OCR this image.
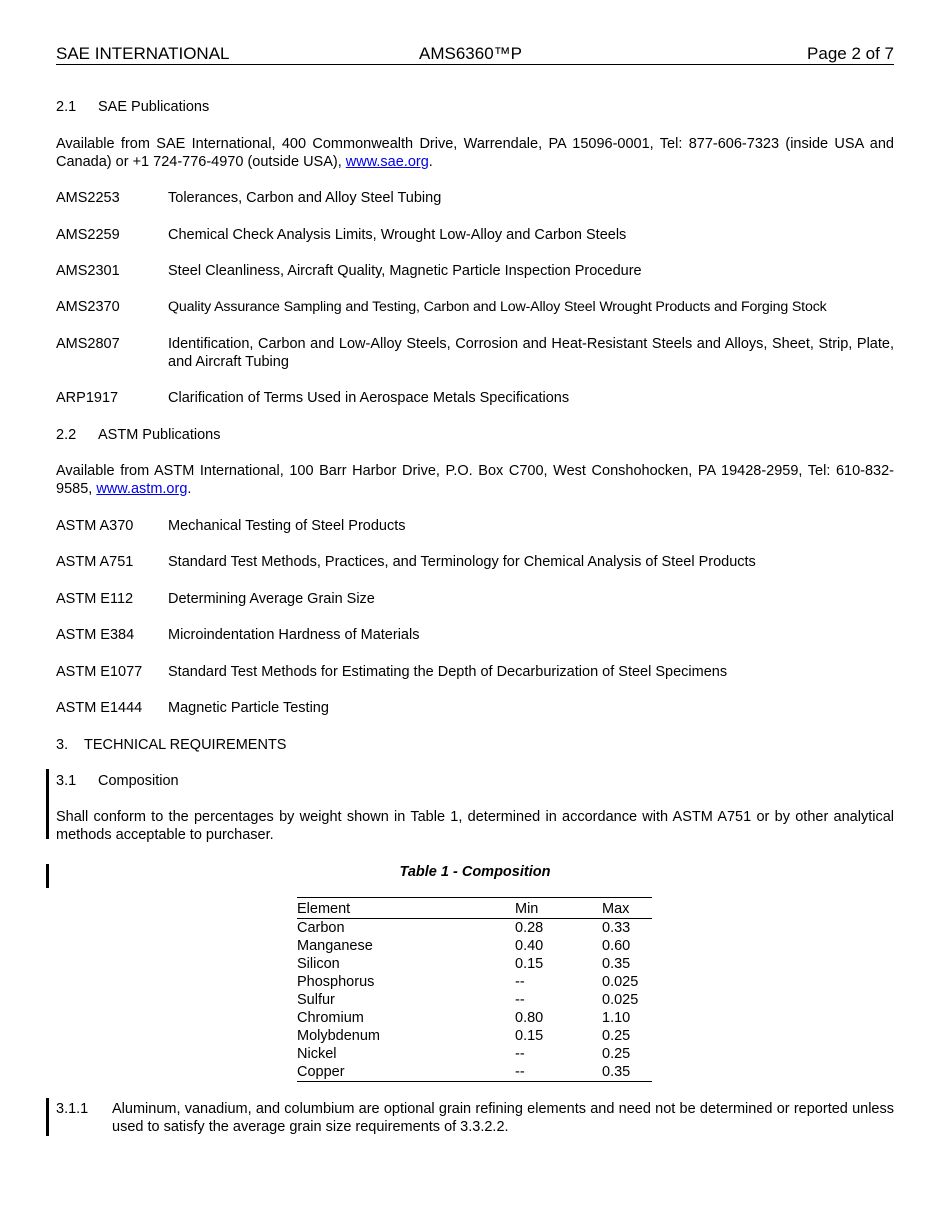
SAE INTERNATIONAL	AMS6360™P	Page 2 of 7
2.1 SAE Publications
Available from SAE International, 400 Commonwealth Drive, Warrendale, PA 15096-0001, Tel: 877-606-7323 (inside USA and Canada) or +1 724-776-4970 (outside USA), www.sae.org.
AMS2253	Tolerances, Carbon and Alloy Steel Tubing
AMS2259	Chemical Check Analysis Limits, Wrought Low-Alloy and Carbon Steels
AMS2301	Steel Cleanliness, Aircraft Quality, Magnetic Particle Inspection Procedure
AMS2370	Quality Assurance Sampling and Testing, Carbon and Low-Alloy Steel Wrought Products and Forging Stock
AMS2807	Identification, Carbon and Low-Alloy Steels, Corrosion and Heat-Resistant Steels and Alloys, Sheet, Strip, Plate, and Aircraft Tubing
ARP1917	Clarification of Terms Used in Aerospace Metals Specifications
2.2 ASTM Publications
Available from ASTM International, 100 Barr Harbor Drive, P.O. Box C700, West Conshohocken, PA 19428-2959, Tel: 610-832-9585, www.astm.org.
ASTM A370	Mechanical Testing of Steel Products
ASTM A751	Standard Test Methods, Practices, and Terminology for Chemical Analysis of Steel Products
ASTM E112	Determining Average Grain Size
ASTM E384	Microindentation Hardness of Materials
ASTM E1077	Standard Test Methods for Estimating the Depth of Decarburization of Steel Specimens
ASTM E1444	Magnetic Particle Testing
3. TECHNICAL REQUIREMENTS
3.1 Composition
Shall conform to the percentages by weight shown in Table 1, determined in accordance with ASTM A751 or by other analytical methods acceptable to purchaser.
Table 1 - Composition
Element	Min	Max
Carbon	0.28	0.33
Manganese	0.40	0.60
Silicon	0.15	0.35
Phosphorus	--	0.025
Sulfur	--	0.025
Chromium	0.80	1.10
Molybdenum	0.15	0.25
Nickel	--	0.25
Copper	--	0.35
3.1.1 Aluminum, vanadium, and columbium are optional grain refining elements and need not be determined or reported unless used to satisfy the average grain size requirements of 3.3.2.2.
